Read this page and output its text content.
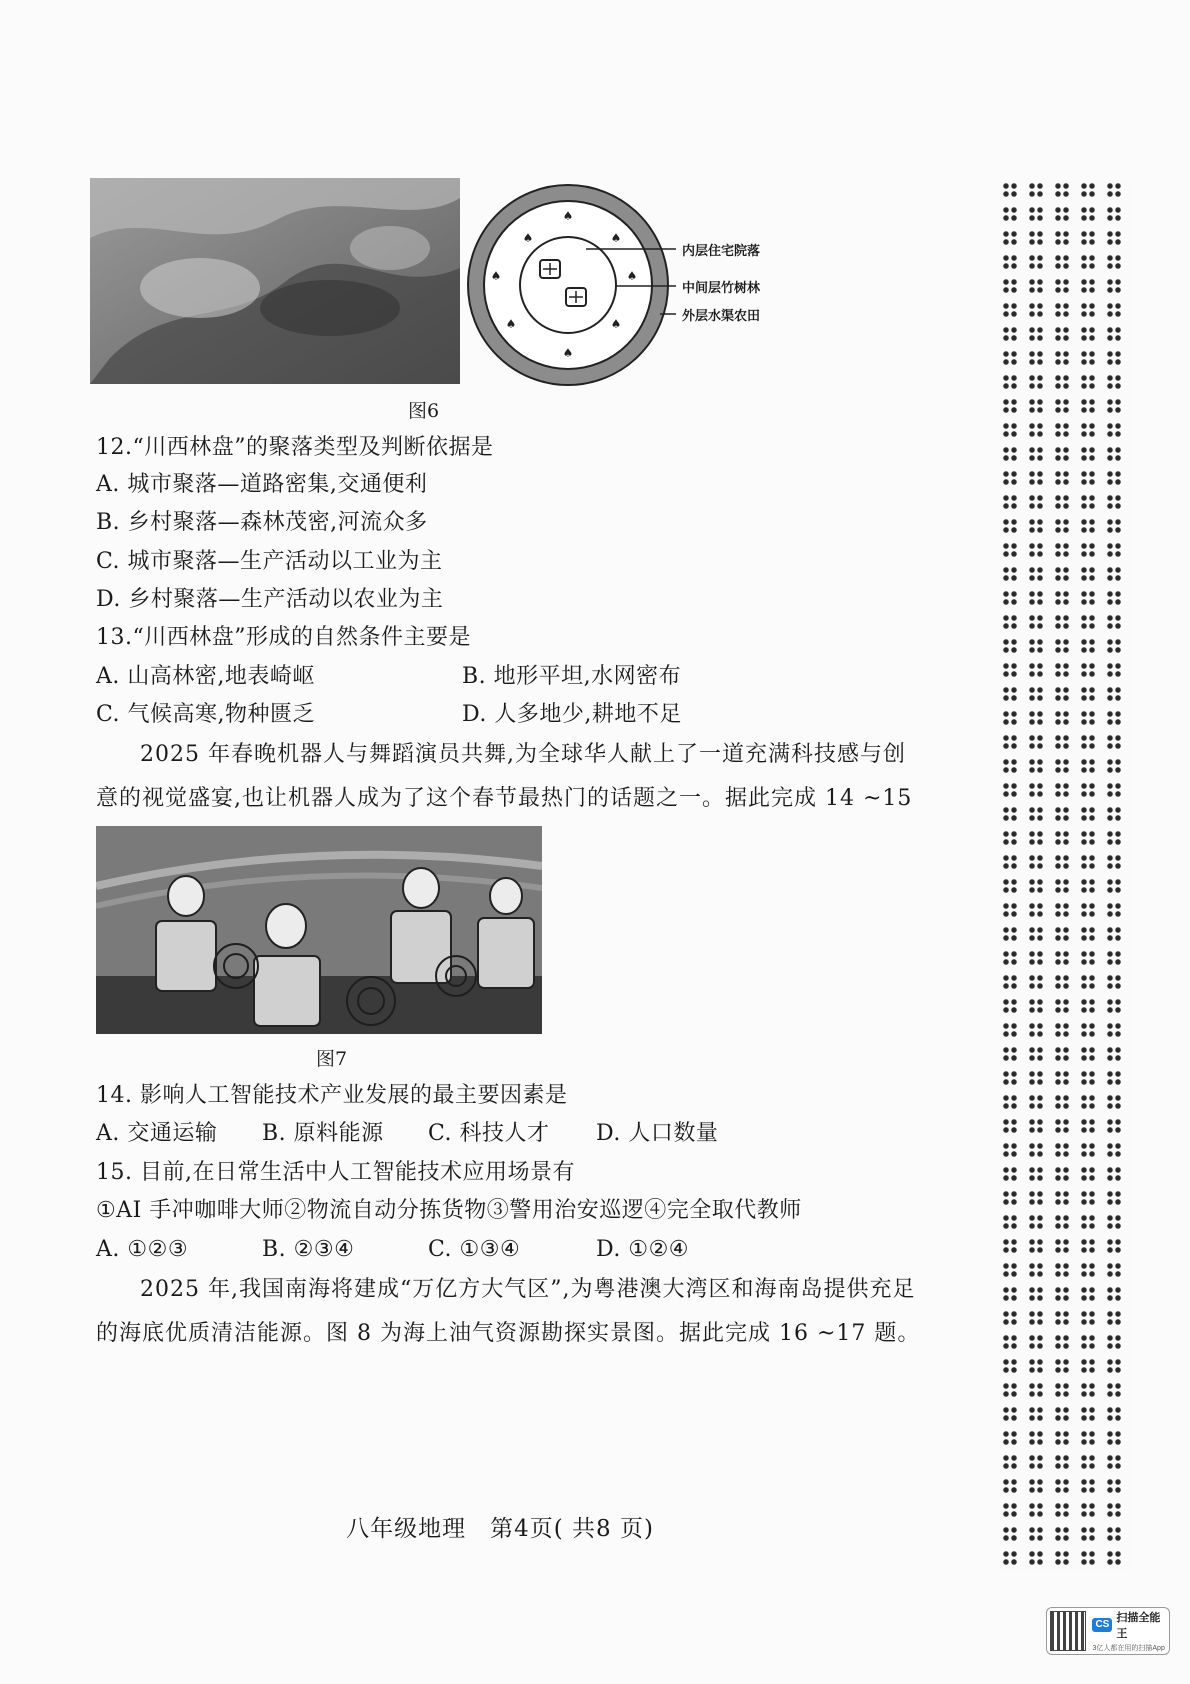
♠	♠
♠	♠
♠	♠
♠
♠
内层住宅院落
中间层竹树林
外层水渠农田
图6
12.“川西林盘”的聚落类型及判断依据是
A. 城市聚落—道路密集,交通便利
B. 乡村聚落—森林茂密,河流众多
C. 城市聚落—生产活动以工业为主
D. 乡村聚落—生产活动以农业为主
13.“川西林盘”形成的自然条件主要是
A. 山高林密,地表崎岖	B. 地形平坦,水网密布
C. 气候高寒,物种匮乏	D. 人多地少,耕地不足
2025 年春晚机器人与舞蹈演员共舞,为全球华人献上了一道充满科技感与创意的视觉盛宴,也让机器人成为了这个春节最热门的话题之一。据此完成 14 ~15
图7
14. 影响人工智能技术产业发展的最主要因素是
A. 交通运输 B. 原料能源 C. 科技人才 D. 人口数量
15. 目前,在日常生活中人工智能技术应用场景有
①AI 手冲咖啡大师②物流自动分拣货物③警用治安巡逻④完全取代教师
A. ①②③	B. ②③④	C. ①③④	D. ①②④
2025 年,我国南海将建成“万亿方大气区”,为粤港澳大湾区和海南岛提供充足的海底优质清洁能源。图 8 为海上油气资源勘探实景图。据此完成 16 ~17 题。
八年级地理　第4页( 共8 页)
CS
扫描全能王
3亿人都在用的扫描App
